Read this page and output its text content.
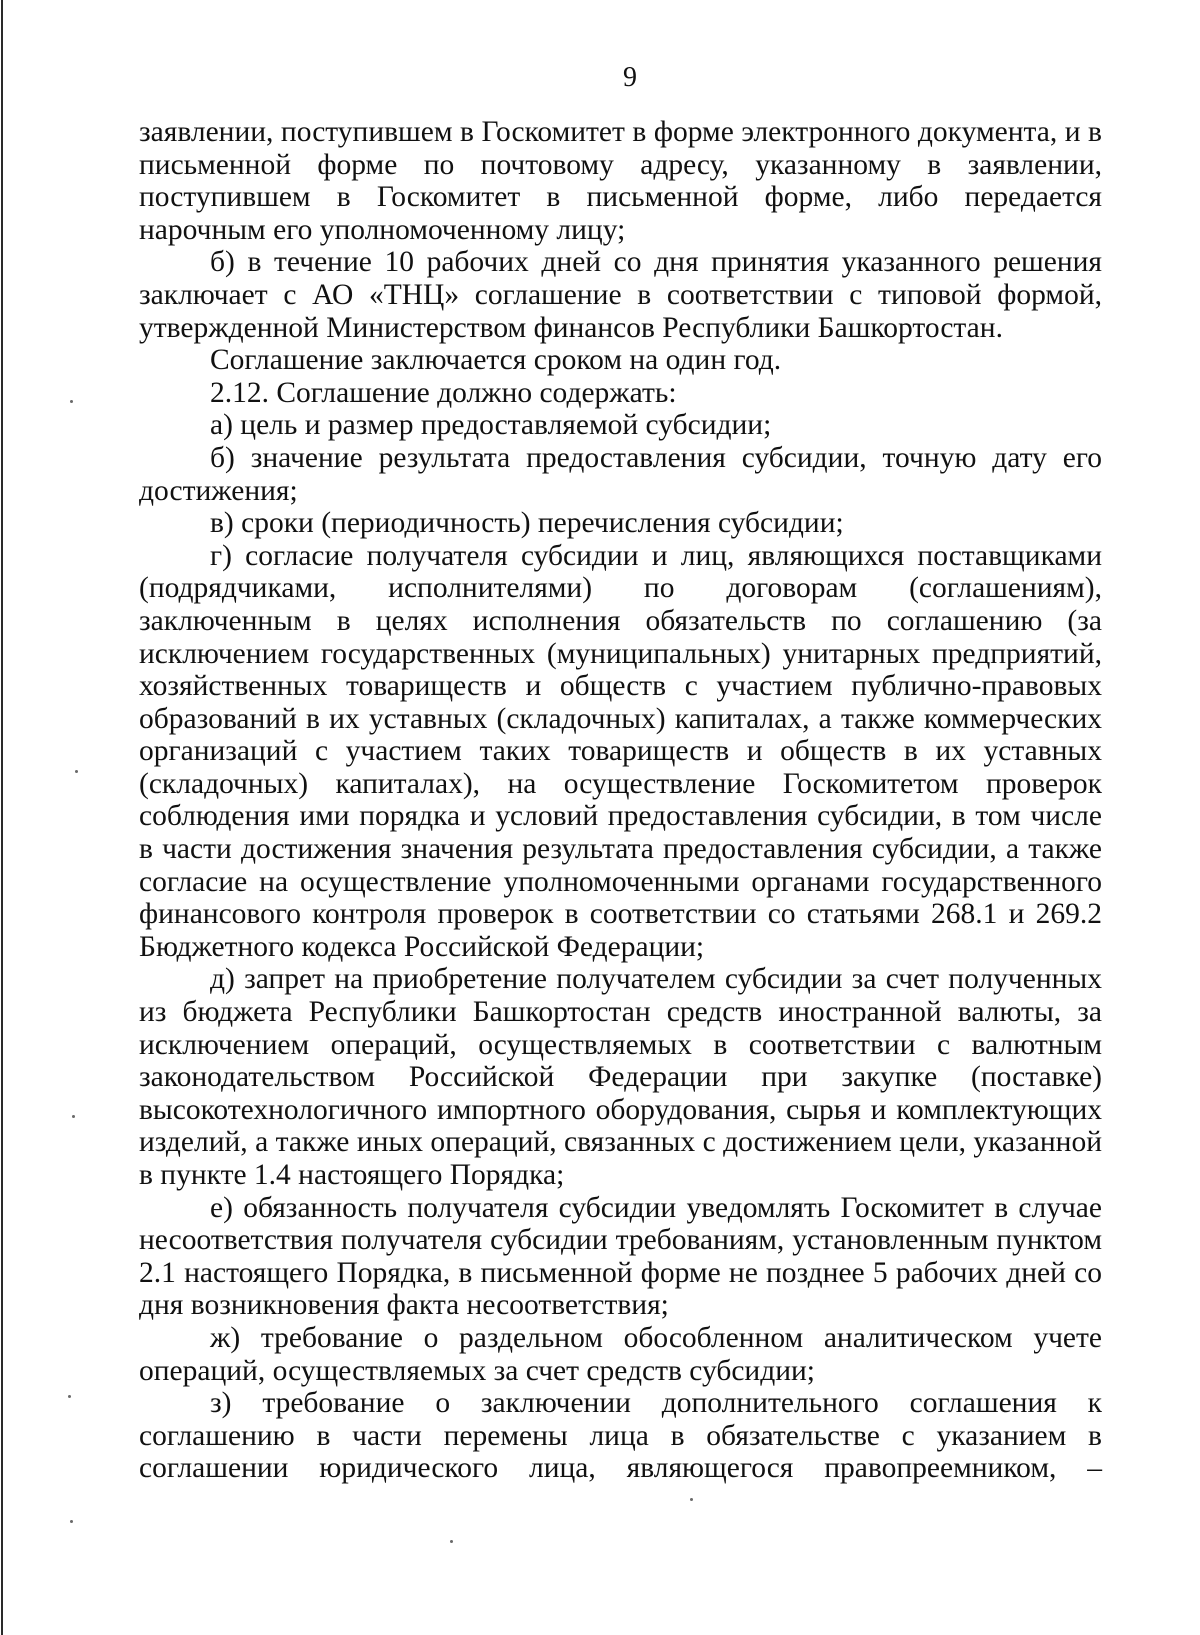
9

заявлении, поступившем в Госкомитет в форме электронного документа, и в письменной форме по почтовому адресу, указанному в заявлении, поступившем в Госкомитет в письменной форме, либо передается нарочным его уполномоченному лицу;

б) в течение 10 рабочих дней со дня принятия указанного решения заключает с АО «ТНЦ» соглашение в соответствии с типовой формой, утвержденной Министерством финансов Республики Башкортостан.

Соглашение заключается сроком на один год.

2.12. Соглашение должно содержать:

а) цель и размер предоставляемой субсидии;

б) значение результата предоставления субсидии, точную дату его достижения;

в) сроки (периодичность) перечисления субсидии;

г) согласие получателя субсидии и лиц, являющихся поставщиками (подрядчиками, исполнителями) по договорам (соглашениям), заключенным в целях исполнения обязательств по соглашению (за исключением государственных (муниципальных) унитарных предприятий, хозяйственных товариществ и обществ с участием публично-правовых образований в их уставных (складочных) капиталах, а также коммерческих организаций с участием таких товариществ и обществ в их уставных (складочных) капиталах), на осуществление Госкомитетом проверок соблюдения ими порядка и условий предоставления субсидии, в том числе в части достижения значения результата предоставления субсидии, а также согласие на осуществление уполномоченными органами государственного финансового контроля проверок в соответствии со статьями 268.1 и 269.2 Бюджетного кодекса Российской Федерации;

д) запрет на приобретение получателем субсидии за счет полученных из бюджета Республики Башкортостан средств иностранной валюты, за исключением операций, осуществляемых в соответствии с валютным законодательством Российской Федерации при закупке (поставке) высокотехнологичного импортного оборудования, сырья и комплектующих изделий, а также иных операций, связанных с достижением цели, указанной в пункте 1.4 настоящего Порядка;

е) обязанность получателя субсидии уведомлять Госкомитет в случае несоответствия получателя субсидии требованиям, установленным пунктом 2.1 настоящего Порядка, в письменной форме не позднее 5 рабочих дней со дня возникновения факта несоответствия;

ж) требование о раздельном обособленном аналитическом учете операций, осуществляемых за счет средств субсидии;

з) требование о заключении дополнительного соглашения к соглашению в части перемены лица в обязательстве с указанием в соглашении юридического лица, являющегося правопреемником, –
